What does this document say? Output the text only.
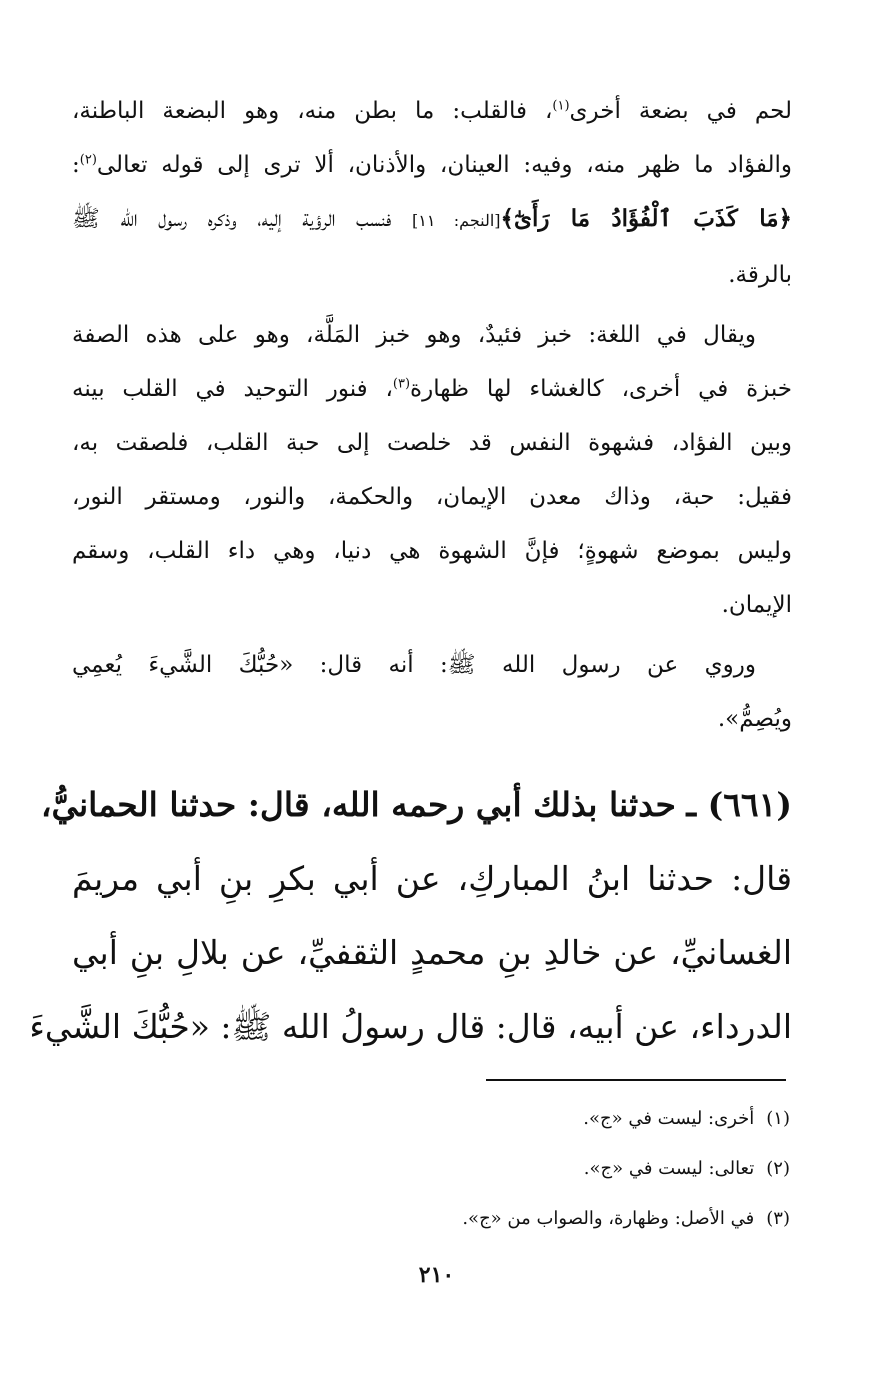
لحم في بضعة أخرى$^{(١)}$، فالقلب: ما بطن منه، وهو البضعة الباطنة،
والفؤاد ما ظهر منه، وفيه: العينان، والأذنان، ألا ترى إلى قوله تعالى$^{(٢)}$:
﴿مَا كَذَبَ ٱلْفُؤَادُ مَا رَأَىٰٓ﴾[النجم: ١١] فنسب الرؤية إليه، وذكره رسول الله ﷺ
بالرقة.

ويقال في اللغة: خبز فئيدٌ، وهو خبز المَلَّة، وهو على هذه الصفة
خبزة في أخرى، كالغشاء لها ظهارة$^{(٣)}$، فنور التوحيد في القلب بينه
وبين الفؤاد، فشهوة النفس قد خلصت إلى حبة القلب، فلصقت به،
فقيل: حبة، وذاك معدن الإيمان، والحكمة، والنور، ومستقر النور،
وليس بموضع شهوةٍ؛ فإنَّ الشهوة هي دنيا، وهي داء القلب، وسقم
الإيمان.

وروي عن رسول الله ﷺ: أنه قال: «حُبُّكَ الشَّيءَ يُعمِي
ويُصِمُّ».

(٦٦١) ـ حدثنا بذلك أبي رحمه الله، قال: حدثنا الحمانيُّ،
قال: حدثنا ابنُ المباركِ، عن أبي بكرِ بنِ أبي مريمَ
الغسانيِّ، عن خالدِ بنِ محمدٍ الثقفيِّ، عن بلالِ بنِ أبي
الدرداء، عن أبيه، قال: قال رسولُ الله ﷺ: «حُبُّكَ الشَّيءَ
(١)أخرى: ليست في «ج».
(٢)تعالى: ليست في «ج».
(٣)في الأصل: وظهارة، والصواب من «ج».
٢١٠
